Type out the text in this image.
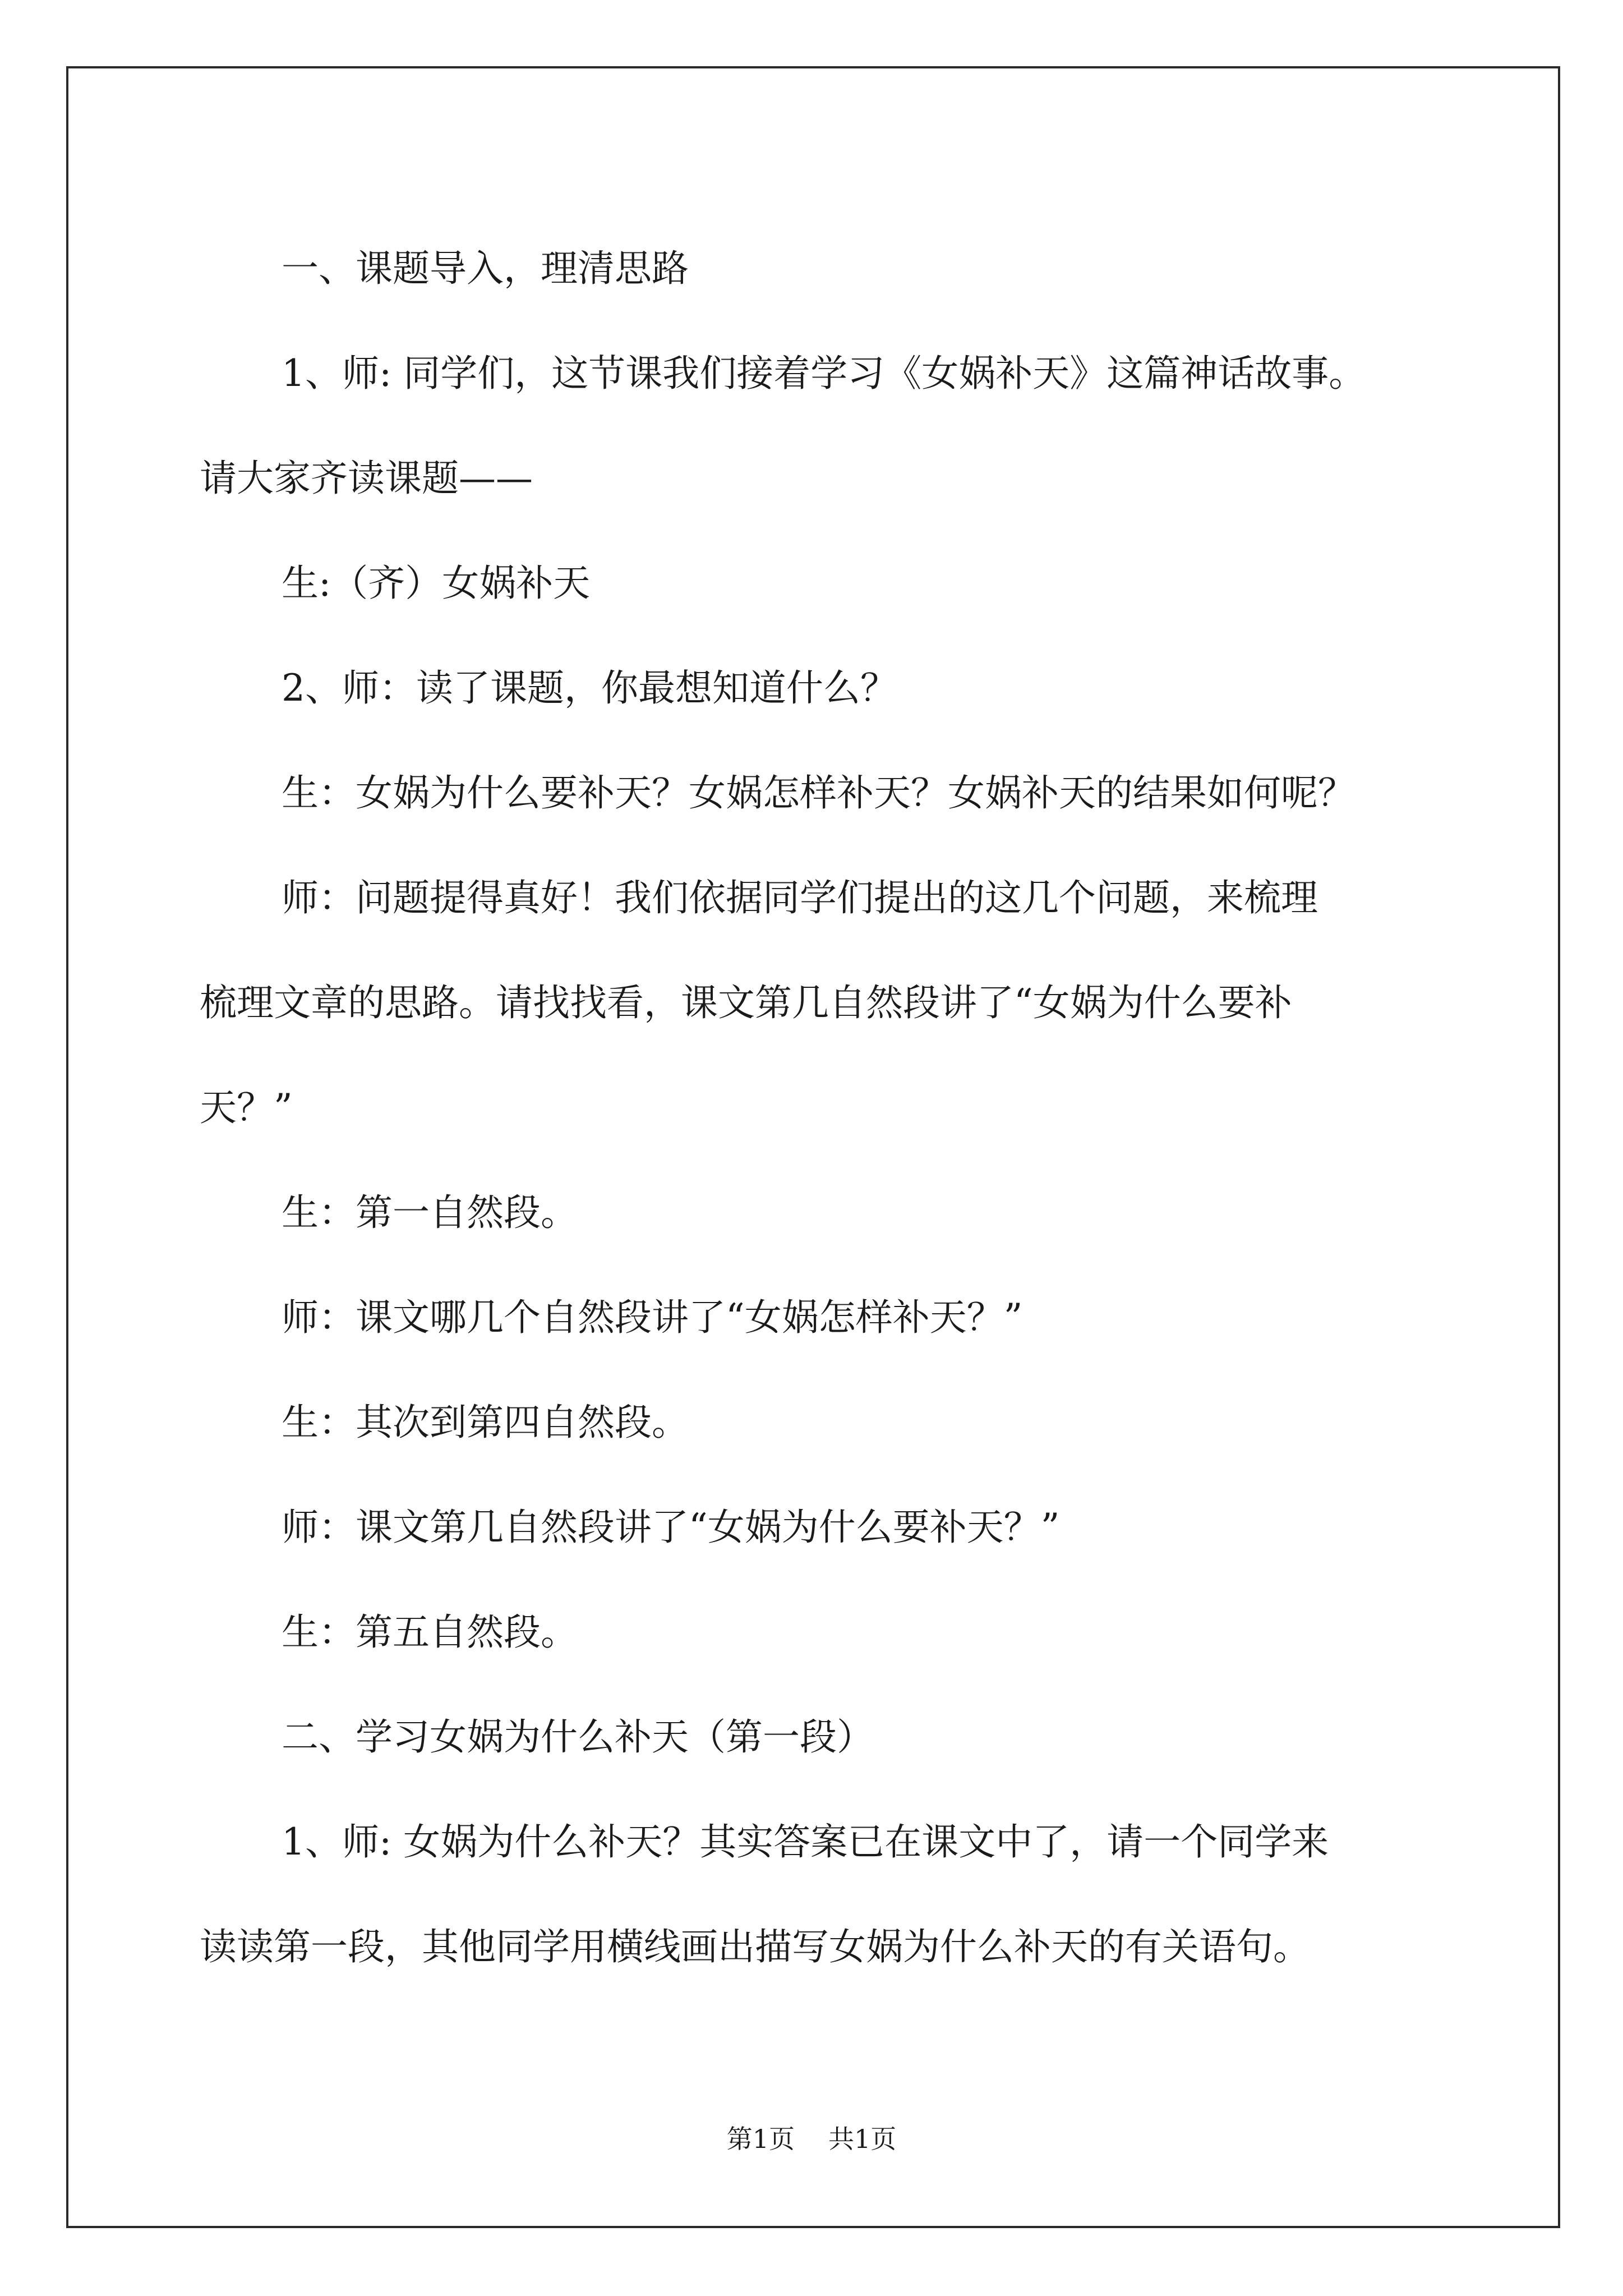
一、课题导入，理清思路

1、师: 同学们，这节课我们接着学习《女娲补天》这篇神话故事。

请大家齐读课题——

生:（齐）女娲补天

2、师：读了课题，你最想知道什么？

生：女娲为什么要补天？女娲怎样补天？女娲补天的结果如何呢？

师：问题提得真好！我们依据同学们提出的这几个问题，来梳理

梳理文章的思路。请找找看，课文第几自然段讲了“女娲为什么要补

天？”

生：第一自然段。

师：课文哪几个自然段讲了“女娲怎样补天？”

生：其次到第四自然段。

师：课文第几自然段讲了“女娲为什么要补天？”

生：第五自然段。

二、学习女娲为什么补天（第一段）

1、师: 女娲为什么补天？其实答案已在课文中了，请一个同学来

读读第一段，其他同学用横线画出描写女娲为什么补天的有关语句。

第1页 共1页
